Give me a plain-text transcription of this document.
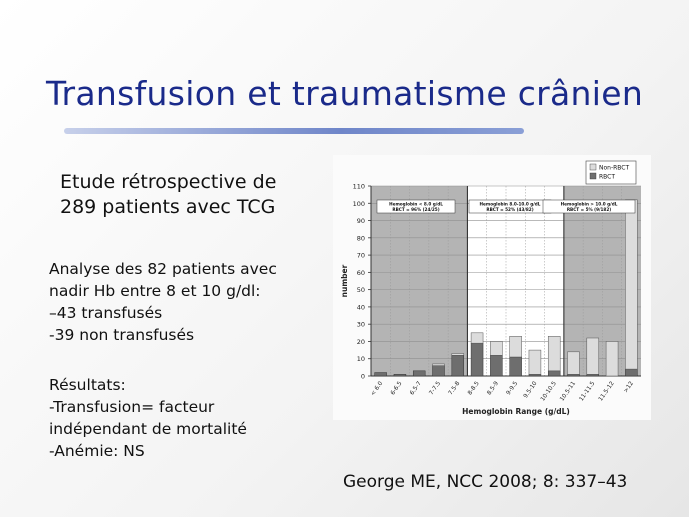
Transfusion et traumatisme crânien
Etude rétrospective de
289 patients avec TCG
Analyse des 82 patients avec
nadir Hb entre 8 et 10 g/dl:
–43 transfusés
-39 non transfusés
Résultats:
-Transfusion= facteur
indépendant de mortalité
-Anémie: NS
0
10
20
30
40
50
60
70
80
90
100
110
< 6.0 6-6.5 6.5-7 7-7.5 7.5-8 8-8.5 8.5-9 9-9.5 9.5-10 10-10.5 10.5-11 11-11.5 11.5-12 >12
Hemoglobin Range (g/dL)
number
Non-RBCT
RBCT
Hemoglobin < 8.0 g/dL
RBCT = 96% (24/25)
Hemoglobin 8.0-10.0 g/dL
RBCT = 52% (43/82)
Hemoglobin > 10.0 g/dL
RBCT = 5% (9/182)
George ME, NCC 2008; 8: 337–43
